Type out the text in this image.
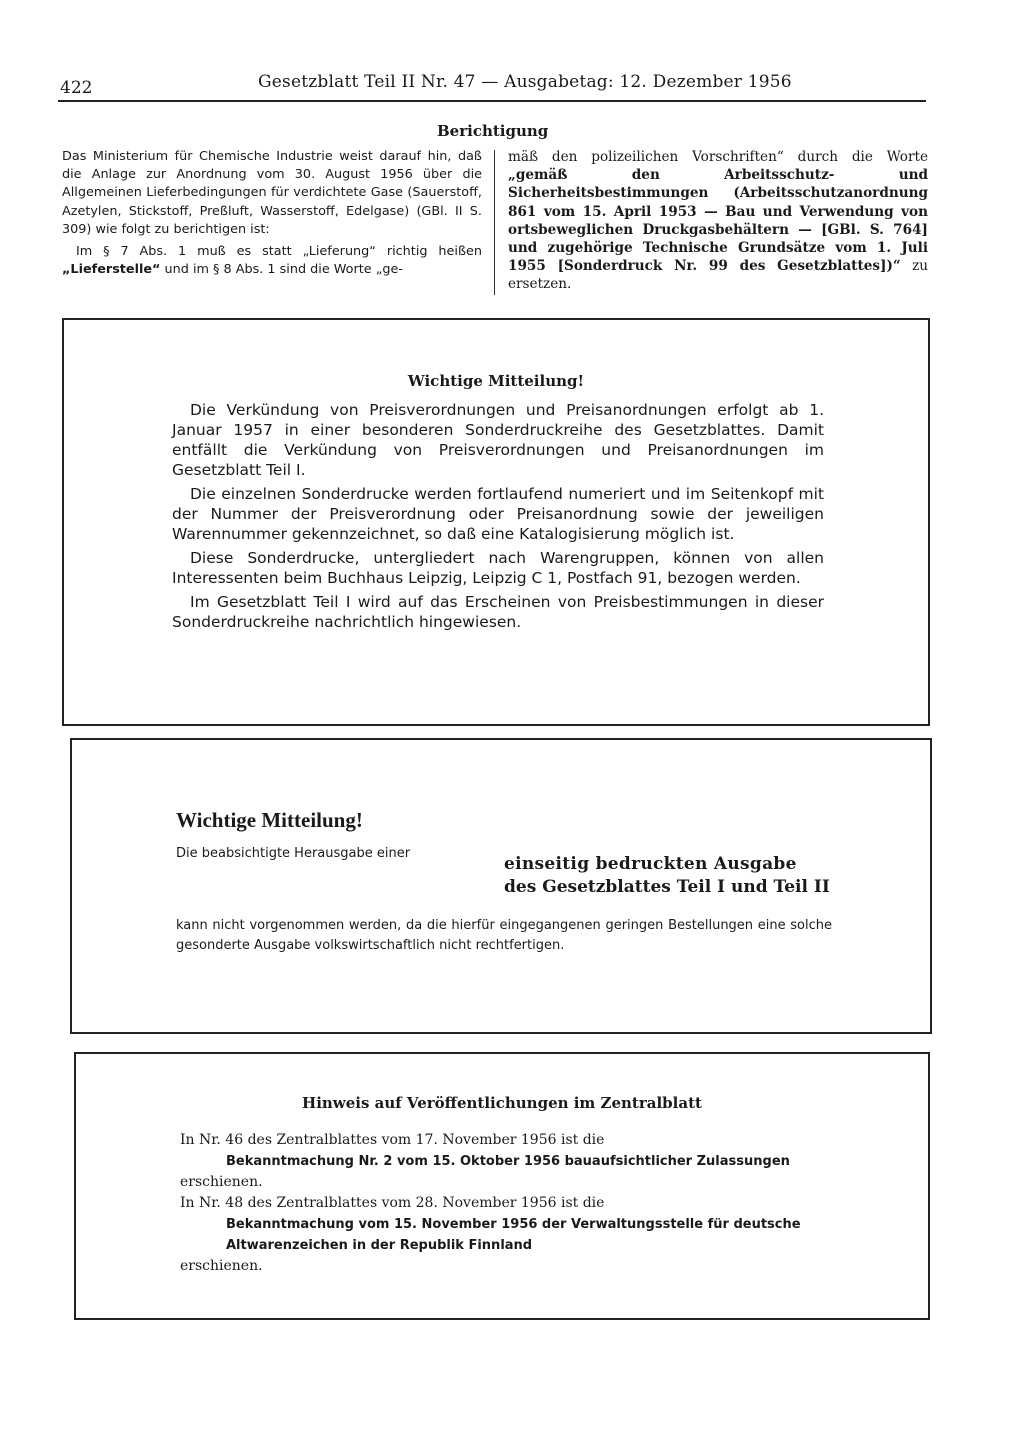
422	Gesetzblatt Teil II Nr. 47 — Ausgabetag: 12. Dezember 1956
Berichtigung

Das Ministerium für Chemische Industrie weist darauf hin, daß die Anlage zur Anordnung vom 30. August 1956 über die Allgemeinen Lieferbedingungen für verdichtete Gase (Sauerstoff, Azetylen, Stickstoff, Preßluft, Wasserstoff, Edelgase) (GBl. II S. 309) wie folgt zu berichtigen ist:

Im § 7 Abs. 1 muß es statt „Lieferung“ richtig heißen „Lieferstelle“ und im § 8 Abs. 1 sind die Worte „ge-

mäß den polizeilichen Vorschriften“ durch die Worte „gemäß den Arbeitsschutz- und Sicherheitsbestimmungen (Arbeitsschutzanordnung 861 vom 15. April 1953 — Bau und Verwendung von ortsbeweglichen Druckgasbehältern — [GBl. S. 764] und zugehörige Technische Grundsätze vom 1. Juli 1955 [Sonderdruck Nr. 99 des Gesetzblattes])“ zu ersetzen.

Wichtige Mitteilung!

Die Verkündung von Preisverordnungen und Preisanordnungen erfolgt ab 1. Januar 1957 in einer besonderen Sonderdruckreihe des Gesetzblattes. Damit entfällt die Verkündung von Preisverordnungen und Preisanordnungen im Gesetzblatt Teil I.

Die einzelnen Sonderdrucke werden fortlaufend numeriert und im Seitenkopf mit der Nummer der Preisverordnung oder Preisanordnung sowie der jeweiligen Warennummer gekennzeichnet, so daß eine Katalogisierung möglich ist.

Diese Sonderdrucke, untergliedert nach Warengruppen, können von allen Interessenten beim Buchhaus Leipzig, Leipzig C 1, Postfach 91, bezogen werden.

Im Gesetzblatt Teil I wird auf das Erscheinen von Preisbestimmungen in dieser Sonderdruckreihe nachrichtlich hingewiesen.

Wichtige Mitteilung!
Die beabsichtigte Herausgabe einer
einseitig bedruckten Ausgabe
des Gesetzblattes Teil I und Teil II
kann nicht vorgenommen werden, da die hierfür eingegangenen geringen Bestellungen eine solche gesonderte Ausgabe volkswirtschaftlich nicht rechtfertigen.
Hinweis auf Veröffentlichungen im Zentralblatt

In Nr. 46 des Zentralblattes vom 17. November 1956 ist die

Bekanntmachung Nr. 2 vom 15. Oktober 1956 bauaufsichtlicher Zulassungen

erschienen.

In Nr. 48 des Zentralblattes vom 28. November 1956 ist die

Bekanntmachung vom 15. November 1956 der Verwaltungsstelle für deutsche Altwarenzeichen in der Republik Finnland

erschienen.
